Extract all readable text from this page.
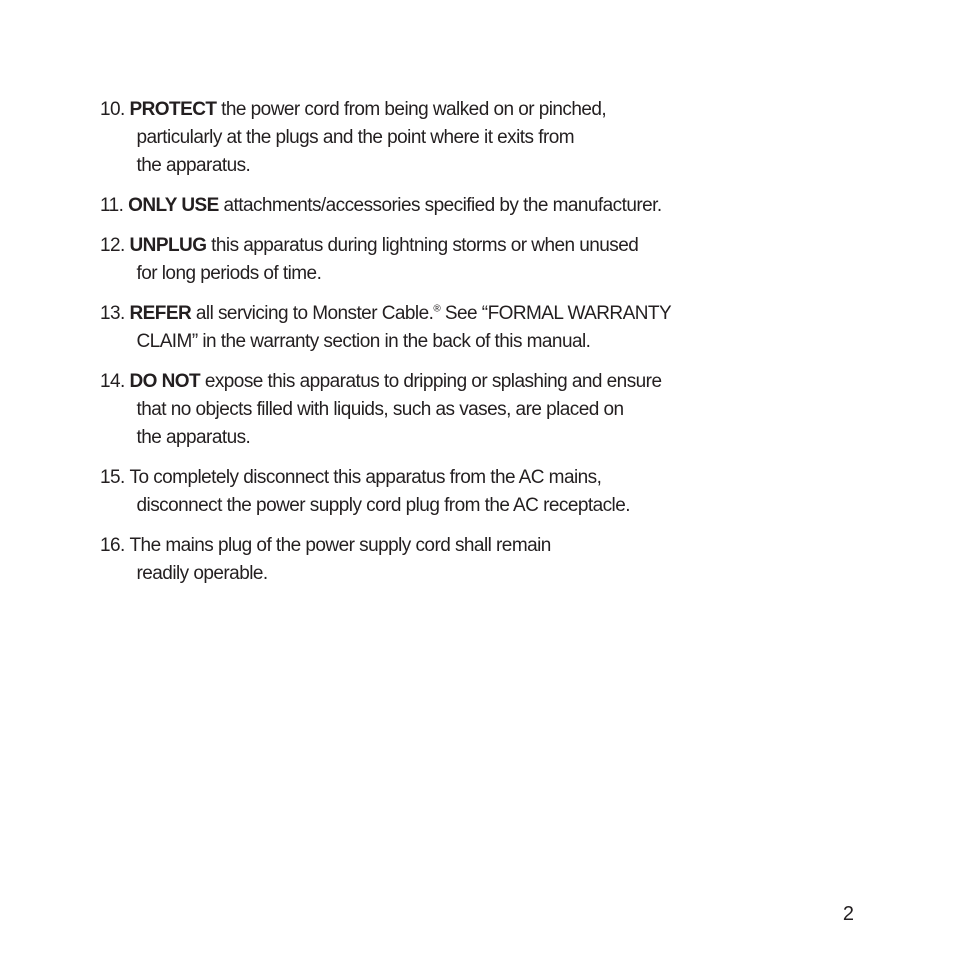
10.
PROTECT the power cord from being walked on or pinched,
particularly at the plugs and the point where it exits from
the apparatus.
11.
ONLY USE attachments/accessories specified by the manufacturer.
12.
UNPLUG this apparatus during lightning storms or when unused
for long periods of time.
13.
REFER all servicing to Monster Cable.® See “FORMAL WARRANTY
CLAIM” in the warranty section in the back of this manual.
14.
DO NOT expose this apparatus to dripping or splashing and ensure
that no objects filled with liquids, such as vases, are placed on
the apparatus.
15.
To completely disconnect this apparatus from the AC mains,
disconnect the power supply cord plug from the AC receptacle.
16.
The mains plug of the power supply cord shall remain
readily operable.
2
